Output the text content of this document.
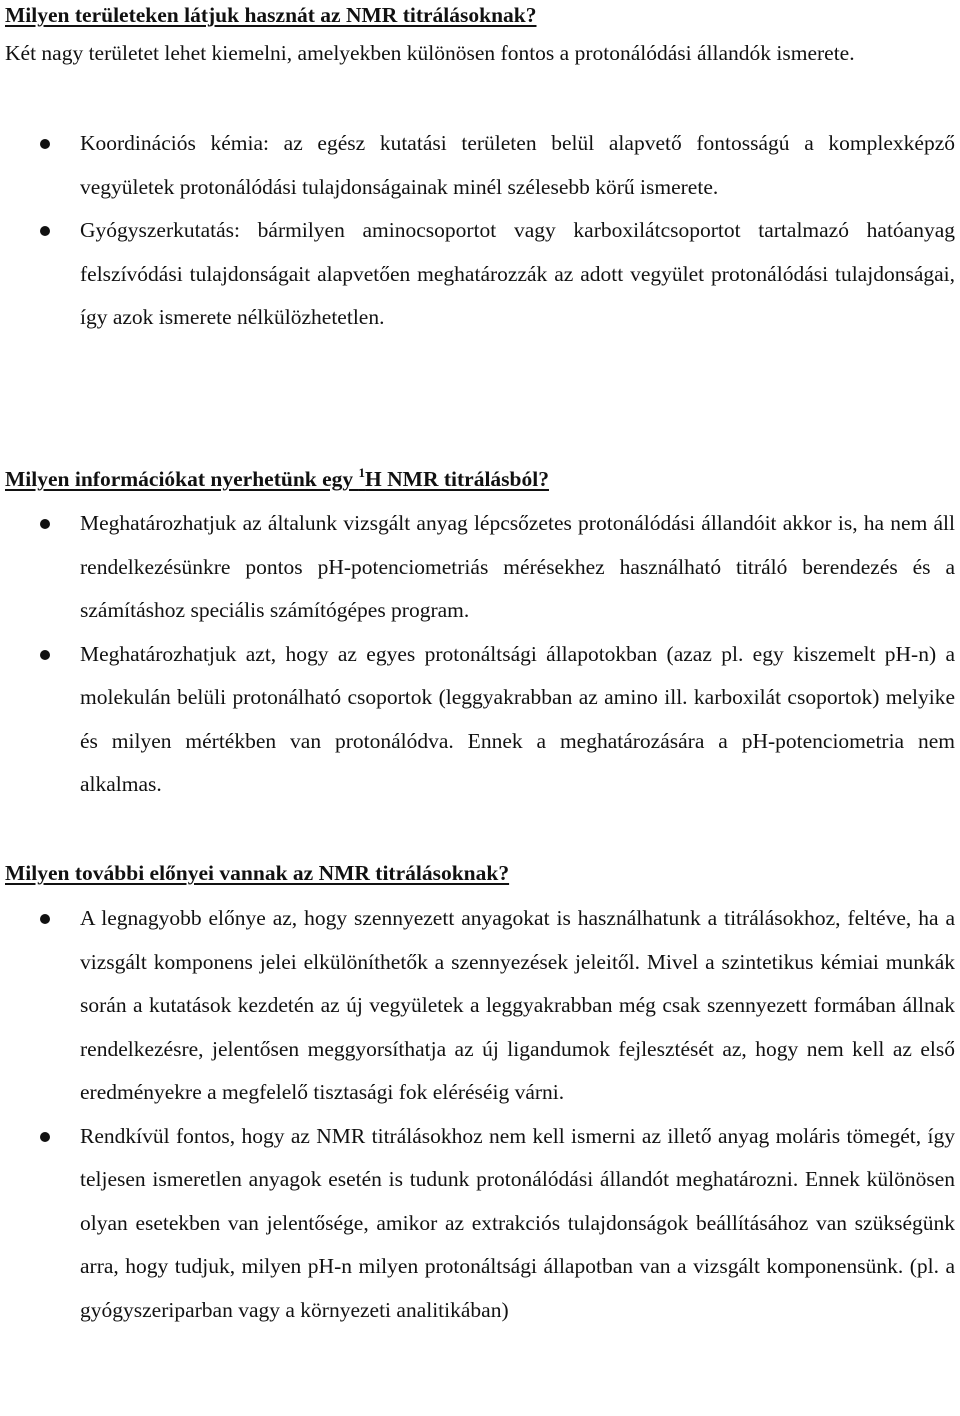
Milyen területeken látjuk hasznát az NMR titrálásoknak?

Két nagy területet lehet kiemelni, amelyekben különösen fontos a protonálódási állandók ismerete.

Koordinációs kémia: az egész kutatási területen belül alapvető fontosságú a komplexképző vegyületek protonálódási tulajdonságainak minél szélesebb körű ismerete.
Gyógyszerkutatás: bármilyen aminocsoportot vagy karboxilátcsoportot tartalmazó hatóanyag felszívódási tulajdonságait alapvetően meghatározzák az adott vegyület protonálódási tulajdonságai, így azok ismerete nélkülözhetetlen.
Milyen információkat nyerhetünk egy $^1$H NMR titrálásból?
Meghatározhatjuk az általunk vizsgált anyag lépcsőzetes protonálódási állandóit akkor is, ha nem áll rendelkezésünkre pontos pH-potenciometriás mérésekhez használható titráló berendezés és a számításhoz speciális számítógépes program.
Meghatározhatjuk azt, hogy az egyes protonáltsági állapotokban (azaz pl. egy kiszemelt pH-n) a molekulán belüli protonálható csoportok (leggyakrabban az amino ill. karboxilát csoportok) melyike és milyen mértékben van protonálódva. Ennek a meghatározására a pH-potenciometria nem alkalmas.
Milyen további előnyei vannak az NMR titrálásoknak?
A legnagyobb előnye az, hogy szennyezett anyagokat is használhatunk a titrálásokhoz, feltéve, ha a vizsgált komponens jelei elkülöníthetők a szennyezések jeleitől. Mivel a szintetikus kémiai munkák során a kutatások kezdetén az új vegyületek a leggyakrabban még csak szennyezett formában állnak rendelkezésre, jelentősen meggyorsíthatja az új ligandumok fejlesztését az, hogy nem kell az első eredményekre a megfelelő tisztasági fok eléréséig várni.
Rendkívül fontos, hogy az NMR titrálásokhoz nem kell ismerni az illető anyag moláris tömegét, így teljesen ismeretlen anyagok esetén is tudunk protonálódási állandót meghatározni. Ennek különösen olyan esetekben van jelentősége, amikor az extrakciós tulajdonságok beállításához van szükségünk arra, hogy tudjuk, milyen pH-n milyen protonáltsági állapotban van a vizsgált komponensünk. (pl. a gyógyszeriparban vagy a környezeti analitikában)
